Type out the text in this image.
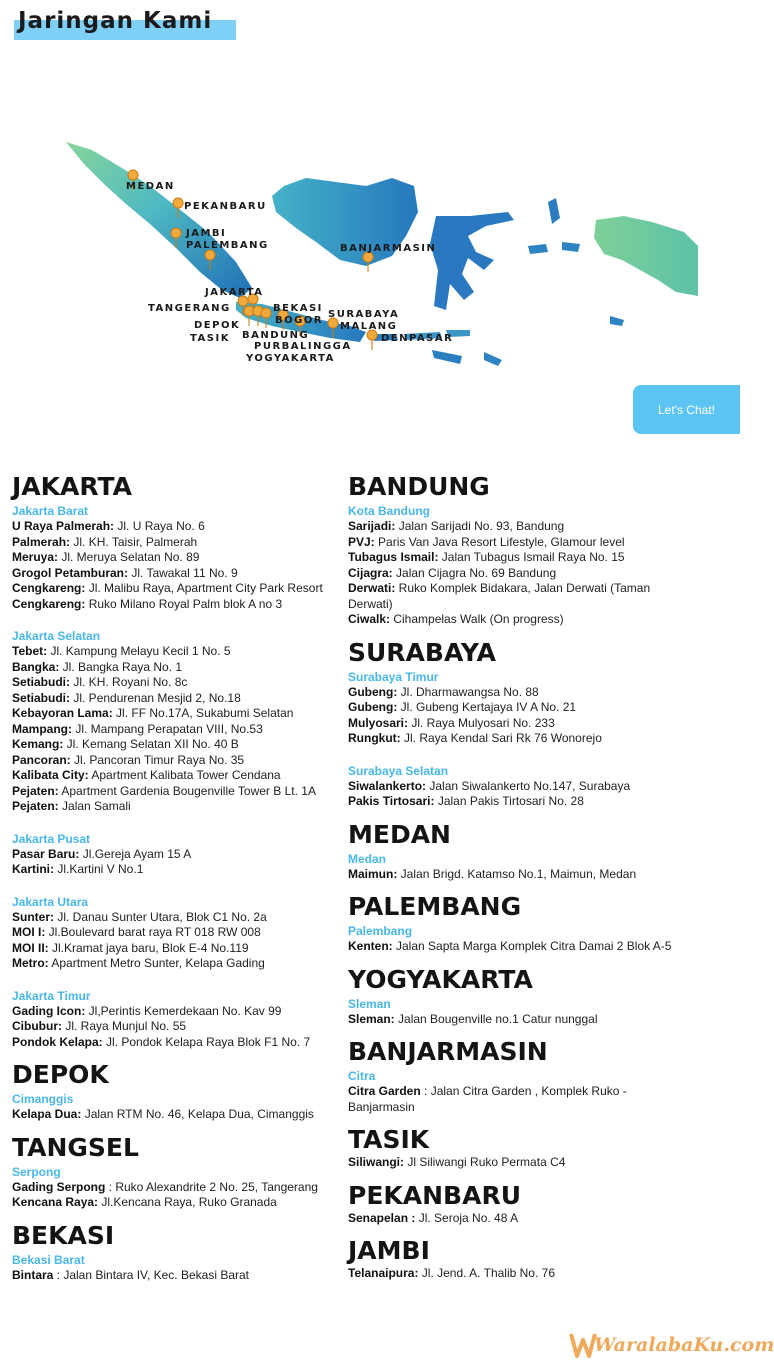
Jaringan Kami
MEDAN
PEKANBARU
JAMBI
PALEMBANG
JAKARTA
TANGERANG	BEKASI
BOGOR
SURABAYA
MALANG
DEPOK
TASIK BANDUNG
PURBALINGGA
YOGYAKARTA
DENPASAR
BANJARMASIN
Let's Chat!
JAKARTA
Jakarta Barat
U Raya Palmerah: Jl. U Raya No. 6
Palmerah: Jl. KH. Taisir, Palmerah
Meruya: Jl. Meruya Selatan No. 89
Grogol Petamburan: Jl. Tawakal 11 No. 9
Cengkareng: Jl. Malibu Raya, Apartment City Park Resort
Cengkareng: Ruko Milano Royal Palm blok A no 3
Jakarta Selatan
Tebet: Jl. Kampung Melayu Kecil 1 No. 5
Bangka: Jl. Bangka Raya No. 1
Setiabudi: Jl. KH. Royani No. 8c
Setiabudi: Jl. Pendurenan Mesjid 2, No.18
Kebayoran Lama: Jl. FF No.17A, Sukabumi Selatan
Mampang: Jl. Mampang Perapatan VIII, No.53
Kemang: Jl. Kemang Selatan XII No. 40 B
Pancoran: Jl. Pancoran Timur Raya No. 35
Kalibata City: Apartment Kalibata Tower Cendana
Pejaten: Apartment Gardenia Bougenville Tower B Lt. 1A
Pejaten: Jalan Samali
Jakarta Pusat
Pasar Baru: Jl.Gereja Ayam 15 A
Kartini: Jl.Kartini V No.1
Jakarta Utara
Sunter: Jl. Danau Sunter Utara, Blok C1 No. 2a
MOI I: Jl.Boulevard barat raya RT 018 RW 008
MOI II: Jl.Kramat jaya baru, Blok E-4 No.119
Metro: Apartment Metro Sunter, Kelapa Gading
Jakarta Timur
Gading Icon: Jl,Perintis Kemerdekaan No. Kav 99
Cibubur: Jl. Raya Munjul No. 55
Pondok Kelapa: Jl. Pondok Kelapa Raya Blok F1 No. 7
DEPOK
Cimanggis
Kelapa Dua: Jalan RTM No. 46, Kelapa Dua, Cimanggis
TANGSEL
Serpong
Gading Serpong : Ruko Alexandrite 2 No. 25, Tangerang
Kencana Raya: Jl.Kencana Raya, Ruko Granada
BEKASI
Bekasi Barat
Bintara : Jalan Bintara IV, Kec. Bekasi Barat
BANDUNG
Kota Bandung
Sarijadi: Jalan Sarijadi No. 93, Bandung
PVJ: Paris Van Java Resort Lifestyle, Glamour level
Tubagus Ismail: Jalan Tubagus Ismail Raya No. 15
Cijagra: Jalan Cijagra No. 69 Bandung
Derwati: Ruko Komplek Bidakara, Jalan Derwati (Taman Derwati)
Ciwalk: Cihampelas Walk (On progress)
SURABAYA
Surabaya Timur
Gubeng: Jl. Dharmawangsa No. 88
Gubeng: Jl. Gubeng Kertajaya IV A No. 21
Mulyosari: Jl. Raya Mulyosari No. 233
Rungkut: Jl. Raya Kendal Sari Rk 76 Wonorejo
Surabaya Selatan
Siwalankerto: Jalan Siwalankerto No.147, Surabaya
Pakis Tirtosari: Jalan Pakis Tirtosari No. 28
MEDAN
Medan
Maimun: Jalan Brigd. Katamso No.1, Maimun, Medan
PALEMBANG
Palembang
Kenten: Jalan Sapta Marga Komplek Citra Damai 2 Blok A-5
YOGYAKARTA
Sleman
Sleman: Jalan Bougenville no.1 Catur nunggal
BANJARMASIN
Citra
Citra Garden : Jalan Citra Garden , Komplek Ruko - Banjarmasin
TASIK
Siliwangi: Jl Siliwangi Ruko Permata C4
PEKANBARU
Senapelan : Jl. Seroja No. 48 A
JAMBI
Telanaipura: Jl. Jend. A. Thalib No. 76
WaralabaKu.com
